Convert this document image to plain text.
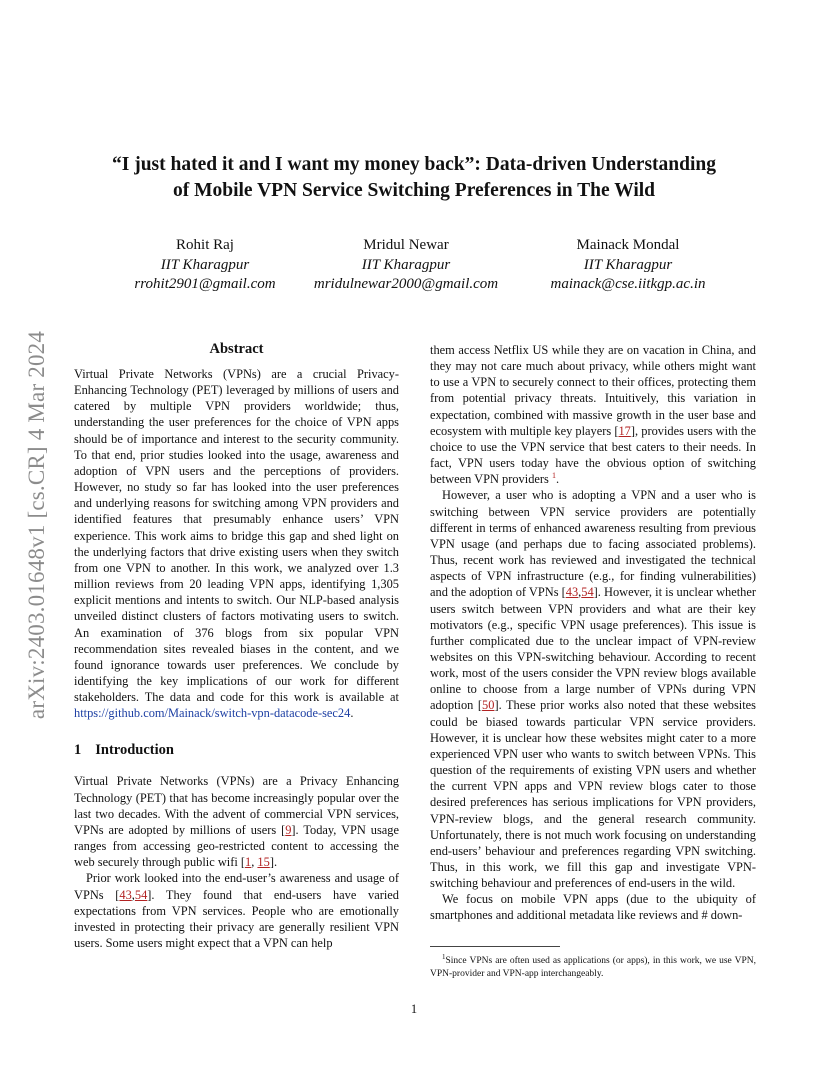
arXiv:2403.01648v1 [cs.CR] 4 Mar 2024
“I just hated it and I want my money back”: Data-driven Understanding
of Mobile VPN Service Switching Preferences in The Wild
Rohit Raj
IIT Kharagpur
rrohit2901@gmail.com
Mridul Newar
IIT Kharagpur
mridulnewar2000@gmail.com
Mainack Mondal
IIT Kharagpur
mainack@cse.iitkgp.ac.in
Abstract

Virtual Private Networks (VPNs) are a crucial Privacy-Enhancing Technology (PET) leveraged by millions of users and catered by multiple VPN providers worldwide; thus, understanding the user preferences for the choice of VPN apps should be of importance and interest to the security community. To that end, prior studies looked into the usage, awareness and adoption of VPN users and the perceptions of providers. However, no study so far has looked into the user preferences and underlying reasons for switching among VPN providers and identified features that presumably enhance users’ VPN experience. This work aims to bridge this gap and shed light on the underlying factors that drive existing users when they switch from one VPN to another. In this work, we analyzed over 1.3 million reviews from 20 leading VPN apps, identifying 1,305 explicit mentions and intents to switch. Our NLP-based analysis unveiled distinct clusters of factors motivating users to switch. An examination of 376 blogs from six popular VPN recommendation sites revealed biases in the content, and we found ignorance towards user preferences. We conclude by identifying the key implications of our work for different stakeholders. The data and code for this work is available at https://github.com/Mainack/switch-vpn-datacode-sec24.

1 Introduction

Virtual Private Networks (VPNs) are a Privacy Enhancing Technology (PET) that has become increasingly popular over the last two decades. With the advent of commercial VPN services, VPNs are adopted by millions of users [9]. Today, VPN usage ranges from accessing geo-restricted content to accessing the web securely through public wifi [1, 15].

Prior work looked into the end-user’s awareness and usage of VPNs [43,54]. They found that end-users have varied expectations from VPN services. People who are emotionally invested in protecting their privacy are generally resilient VPN users. Some users might expect that a VPN can help

them access Netflix US while they are on vacation in China, and they may not care much about privacy, while others might want to use a VPN to securely connect to their offices, protecting them from potential privacy threats. Intuitively, this variation in expectation, combined with massive growth in the user base and ecosystem with multiple key players [17], provides users with the choice to use the VPN service that best caters to their needs. In fact, VPN users today have the obvious option of switching between VPN providers $^1$.

However, a user who is adopting a VPN and a user who is switching between VPN service providers are potentially different in terms of enhanced awareness resulting from previous VPN usage (and perhaps due to facing associated problems). Thus, recent work has reviewed and investigated the technical aspects of VPN infrastructure (e.g., for finding vulnerabilities) and the adoption of VPNs [43,54]. However, it is unclear whether users switch between VPN providers and what are their key motivators (e.g., specific VPN usage preferences). This issue is further complicated due to the unclear impact of VPN-review websites on this VPN-switching behaviour. According to recent work, most of the users consider the VPN review blogs available online to choose from a large number of VPNs during VPN adoption [50]. These prior works also noted that these websites could be biased towards particular VPN service providers. However, it is unclear how these websites might cater to a more experienced VPN user who wants to switch between VPNs. This question of the requirements of existing VPN users and whether the current VPN apps and VPN review blogs cater to those desired preferences has serious implications for VPN providers, VPN-review blogs, and the general research community. Unfortunately, there is not much work focusing on understanding end-users’ behaviour and preferences regarding VPN switching. Thus, in this work, we fill this gap and investigate VPN-switching behaviour and preferences of end-users in the wild.

We focus on mobile VPN apps (due to the ubiquity of smartphones and additional metadata like reviews and # down-

$^1$Since VPNs are often used as applications (or apps), in this work, we use VPN, VPN-provider and VPN-app interchangeably.
1
